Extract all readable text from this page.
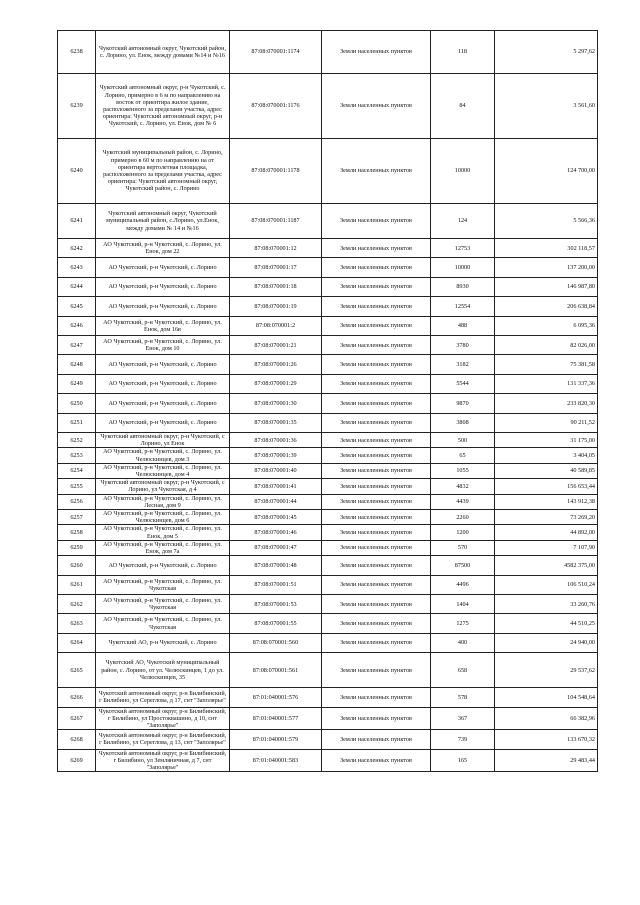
6238	Чукотский автономный округ, Чукотский район, с. Лорино, ул. Енок, между домами №14 и №16	87:08:070001:1174	Земли населенных пунктов	118	5 297,62
6239	Чукотский автономный округ, р-н Чукотский, с. Лорино, примерно в 6 м по направлению на восток от ориентира жилое здание, расположенного за пределами участка, адрес ориентира: Чукотский автономный округ, р-н Чукотский, с. Лорино, ул. Енок, дом № 6	87:08:070001:1176	Земли населенных пунктов	84	3 561,60
6240	Чукотский муниципальный район, с. Лорино, примерно в 60 м по направлению на от ориентира вертолетная площадка, расположенного за пределами участка, адрес ориентира: Чукотский автономный округ, Чукотский район, с. Лорино	87:08:070001:1178	Земли населенных пунктов	10000	124 700,00
6241	Чукотский автономный округ, Чукотский муниципальный район, с.Лорино, ул.Енок, между домами № 14 и №16	87:08:070001:1187	Земли населенных пунктов	124	5 566,36
6242	АО Чукотский, р-н Чукотский, с. Лорино, ул. Енок, дом 22	87:08:070001:12	Земли населенных пунктов	12753	302 118,57
6243	АО Чукотский, р-н Чукотский, с. Лорино	87:08:070001:17	Земли населенных пунктов	10000	137 200,00
6244	АО Чукотский, р-н Чукотский, с. Лорино	87:08:070001:18	Земли населенных пунктов	8930	146 987,80
6245	АО Чукотский, р-н Чукотский, с. Лорино	87:08:070001:19	Земли населенных пунктов	12554	206 638,84
6246	АО Чукотский, р-н Чукотский, с. Лорино, ул. Енок, дом 16в	87:08:070001:2	Земли населенных пунктов	488	6 095,36
6247	АО Чукотский, р-н Чукотский, с. Лорино, ул. Енок, дом 10	87:08:070001:21	Земли населенных пунктов	3780	82 026,00
6248	АО Чукотский, р-н Чукотский, с. Лорино	87:08:070001:26	Земли населенных пунктов	3182	75 381,58
6249	АО Чукотский, р-н Чукотский, с. Лорино	87:08:070001:29	Земли населенных пунктов	5544	131 337,36
6250	АО Чукотский, р-н Чукотский, с. Лорино	87:08:070001:30	Земли населенных пунктов	9870	233 820,30
6251	АО Чукотский, р-н Чукотский, с. Лорино	87:08:070001:35	Земли населенных пунктов	3808	90 211,52
6252	Чукотский автономный округ, р-н Чукотский, с Лорино, ул Енок	87:08:070001:36	Земли населенных пунктов	500	31 175,00
6253	АО Чукотский, р-н Чукотский, с. Лорино, ул. Челюскинцев, дом 3	87:08:070001:39	Земли населенных пунктов	65	3 404,05
6254	АО Чукотский, р-н Чукотский, с. Лорино, ул. Челюскинцев, дом 4	87:08:070001:40	Земли населенных пунктов	1055	40 589,85
6255	Чукотский автономный округ, р-н Чукотский, с Лорино, ул Чукотская, д 4	87:08:070001:41	Земли населенных пунктов	4832	156 653,44
6256	АО Чукотский, р-н Чукотский, с. Лорино, ул. Лесная, дом 9	87:08:070001:44	Земли населенных пунктов	4439	143 912,38
6257	АО Чукотский, р-н Чукотский, с. Лорино, ул. Челюскинцев, дом 6	87:08:070001:45	Земли населенных пунктов	2260	73 269,20
6258	АО Чукотский, р-н Чукотский, с. Лорино, ул. Енок, дом 5	87:08:070001:46	Земли населенных пунктов	1200	44 892,00
6259	АО Чукотский, р-н Чукотский, с. Лорино, ул. Енок, дом 7а	87:08:070001:47	Земли населенных пунктов	570	7 107,90
6260	АО Чукотский, р-н Чукотский, с. Лорино	87:08:070001:48	Земли населенных пунктов	87500	4582 375,00
6261	АО Чукотский, р-н Чукотский, с. Лорино, ул. Чукотская	87:08:070001:51	Земли населенных пунктов	4496	106 510,24
6262	АО Чукотский, р-н Чукотский, с. Лорино, ул. Чукотская	87:08:070001:53	Земли населенных пунктов	1404	33 260,76
6263	АО Чукотский, р-н Чукотский, с. Лорино, ул. Чукотская	87:08:070001:55	Земли населенных пунктов	1275	44 510,25
6264	Чукотский АО, р-н Чукотский, с. Лорино	87:08:070001:560	Земли населенных пунктов	400	24 940,00
6265	Чукотский АО, Чукотский муниципальный район, с. Лорино, от ул. Челюскинцев, 1 до ул. Челюскинцев, 35	87:08:070001:561	Земли населенных пунктов	658	29 537,62
6266	Чукотский автономный округ, р-н Билибинский, г Билибино, ул Сереглова, д 17, снт "Заполярье"	87:01:040001:576	Земли населенных пунктов	578	104 548,64
6267	Чукотский автономный округ, р-н Билибинский, г Билибино, ул Простоквашино, д 10, снт "Заполярье"	87:01:040001:577	Земли населенных пунктов	367	66 382,96
6268	Чукотский автономный округ, р-н Билибинский, г Билибино, ул Сереглова, д 13, снт "Заполярье"	87:01:040001:579	Земли населенных пунктов	739	133 670,32
6269	Чукотский автономный округ, р-н Билибинский, г Билибино, ул Земляничная, д 7, снт "Заполярье"	87:01:040001:583	Земли населенных пунктов	165	29 483,44
